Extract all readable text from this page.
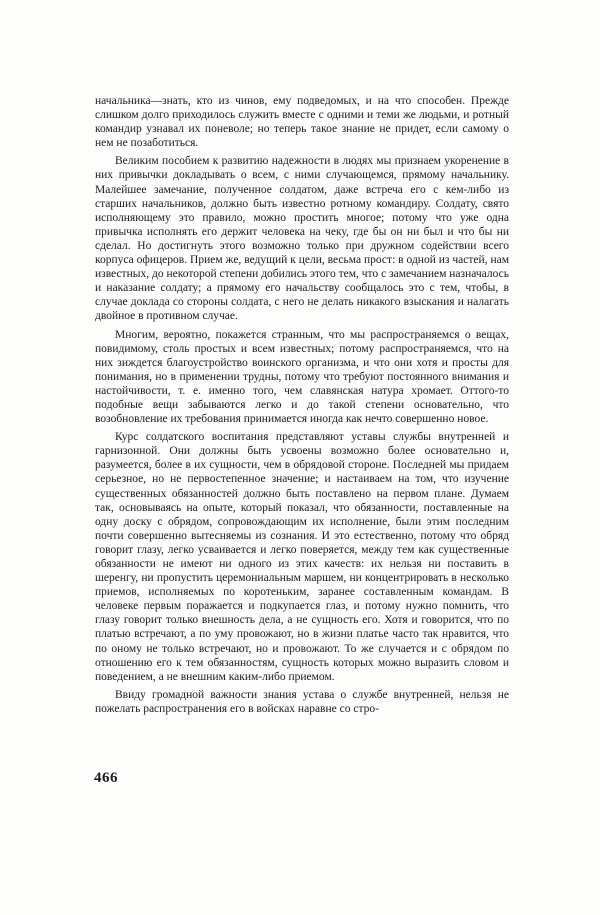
начальника—знать, кто из чинов, ему подведомых, и на что способен. Прежде слишком долго приходилось служить вместе с одними и теми же людьми, и ротный командир узнавал их поневоле; но теперь такое знание не придет, если самому о нем не позаботиться.

Великим пособием к развитию надежности в людях мы признаем укоренение в них привычки докладывать о всем, с ними случающемся, прямому начальнику. Малейшее замечание, полученное солдатом, даже встреча его с кем-либо из старших начальников, должно быть известно ротному командиру. Солдату, свято исполняющему это правило, можно простить многое; потому что уже одна привычка исполнять его держит человека на чеку, где бы он ни был и что бы ни сделал. Но достигнуть этого возможно только при дружном содействии всего корпуса офицеров. Прием же, ведущий к цели, весьма прост: в одной из частей, нам известных, до некоторой степени добились этого тем, что с замечанием назначалось и наказание солдату; а прямому его начальству сообщалось это с тем, чтобы, в случае доклада со стороны солдата, с него не делать никакого взыскания и налагать двойное в противном случае.

Многим, вероятно, покажется странным, что мы распространяемся о вещах, повидимому, столь простых и всем известных; потому распространяемся, что на них зиждется благоустройство воинского организма, и что они хотя и просты для понимания, но в применении трудны, потому что требуют постоянного внимания и настойчивости, т. е. именно того, чем славянская натура хромает. Оттого-то подобные вещи забываются легко и до такой степени основательно, что возобновление их требования принимается иногда как нечто совершенно новое.

Курс солдатского воспитания представляют уставы службы внутренней и гарнизонной. Они должны быть усвоены возможно более основательно и, разумеется, более в их сущности, чем в обрядовой стороне. Последней мы придаем серьезное, но не первостепенное значение; и настаиваем на том, что изучение существенных обязанностей должно быть поставлено на первом плане. Думаем так, основываясь на опыте, который показал, что обязанности, поставленные на одну доску с обрядом, сопровождающим их исполнение, были этим последним почти совершенно вытесняемы из сознания. И это естественно, потому что обряд говорит глазу, легко усваивается и легко поверяется, между тем как существенные обязанности не имеют ни одного из этих качеств: их нельзя ни поставить в шеренгу, ни пропустить церемониальным маршем, ни концентрировать в несколько приемов, исполняемых по коротеньким, заранее составленным командам. В человеке первым поражается и подкупается глаз, и потому нужно помнить, что глазу говорит только внешность дела, а не сущность его. Хотя и говорится, что по платью встречают, а по уму провожают, но в жизни платье часто так нравится, что по оному не только встречают, но и провожают. То же случается и с обрядом по отношению его к тем обязанностям, сущность которых можно выразить словом и поведением, а не внешним каким-либо приемом.

Ввиду громадной важности знания устава о службе внутренней, нельзя не пожелать распространения его в войсках наравне со стро-

466
